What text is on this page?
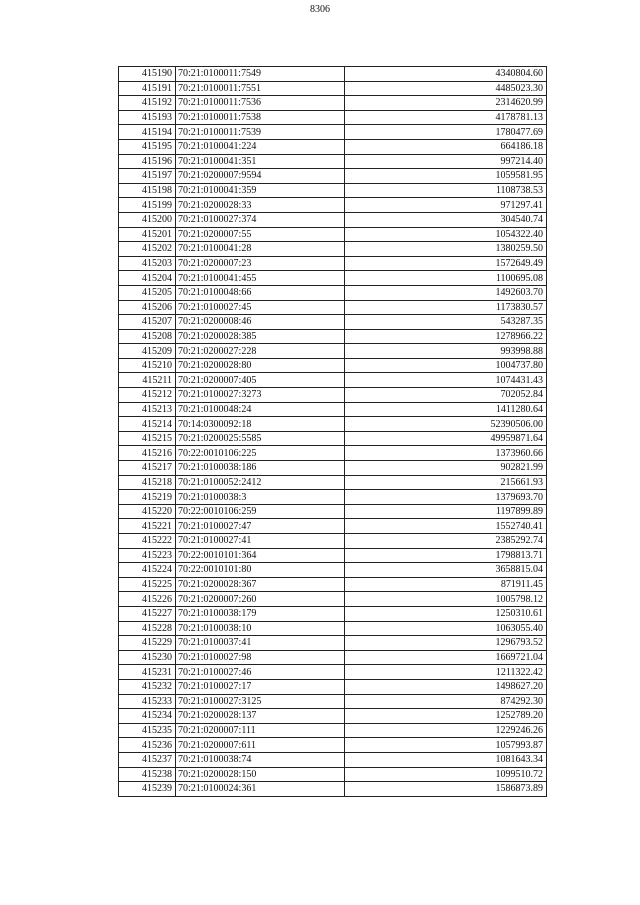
8306
415190	70:21:0100011:7549	4340804.60
415191	70:21:0100011:7551	4485023.30
415192	70:21:0100011:7536	2314620.99
415193	70:21:0100011:7538	4178781.13
415194	70:21:0100011:7539	1780477.69
415195	70:21:0100041:224	664186.18
415196	70:21:0100041:351	997214.40
415197	70:21:0200007:9594	1059581.95
415198	70:21:0100041:359	1108738.53
415199	70:21:0200028:33	971297.41
415200	70:21:0100027:374	304540.74
415201	70:21:0200007:55	1054322.40
415202	70:21:0100041:28	1380259.50
415203	70:21:0200007:23	1572649.49
415204	70:21:0100041:455	1100695.08
415205	70:21:0100048:66	1492603.70
415206	70:21:0100027:45	1173830.57
415207	70:21:0200008:46	543287.35
415208	70:21:0200028:385	1278966.22
415209	70:21:0200027:228	993998.88
415210	70:21:0200028:80	1004737.80
415211	70:21:0200007:405	1074431.43
415212	70:21:0100027:3273	702052.84
415213	70:21:0100048:24	1411280.64
415214	70:14:0300092:18	52390506.00
415215	70:21:0200025:5585	49959871.64
415216	70:22:0010106:225	1373960.66
415217	70:21:0100038:186	902821.99
415218	70:21:0100052:2412	215661.93
415219	70:21:0100038:3	1379693.70
415220	70:22:0010106:259	1197899.89
415221	70:21:0100027:47	1552740.41
415222	70:21:0100027:41	2385292.74
415223	70:22:0010101:364	1798813.71
415224	70:22:0010101:80	3658815.04
415225	70:21:0200028:367	871911.45
415226	70:21:0200007:260	1005798.12
415227	70:21:0100038:179	1250310.61
415228	70:21:0100038:10	1063055.40
415229	70:21:0100037:41	1296793.52
415230	70:21:0100027:98	1669721.04
415231	70:21:0100027:46	1211322.42
415232	70:21:0100027:17	1498627.20
415233	70:21:0100027:3125	874292.30
415234	70:21:0200028:137	1252789.20
415235	70:21:0200007:111	1229246.26
415236	70:21:0200007:611	1057993.87
415237	70:21:0100038:74	1081643.34
415238	70:21:0200028:150	1099510.72
415239	70:21:0100024:361	1586873.89
